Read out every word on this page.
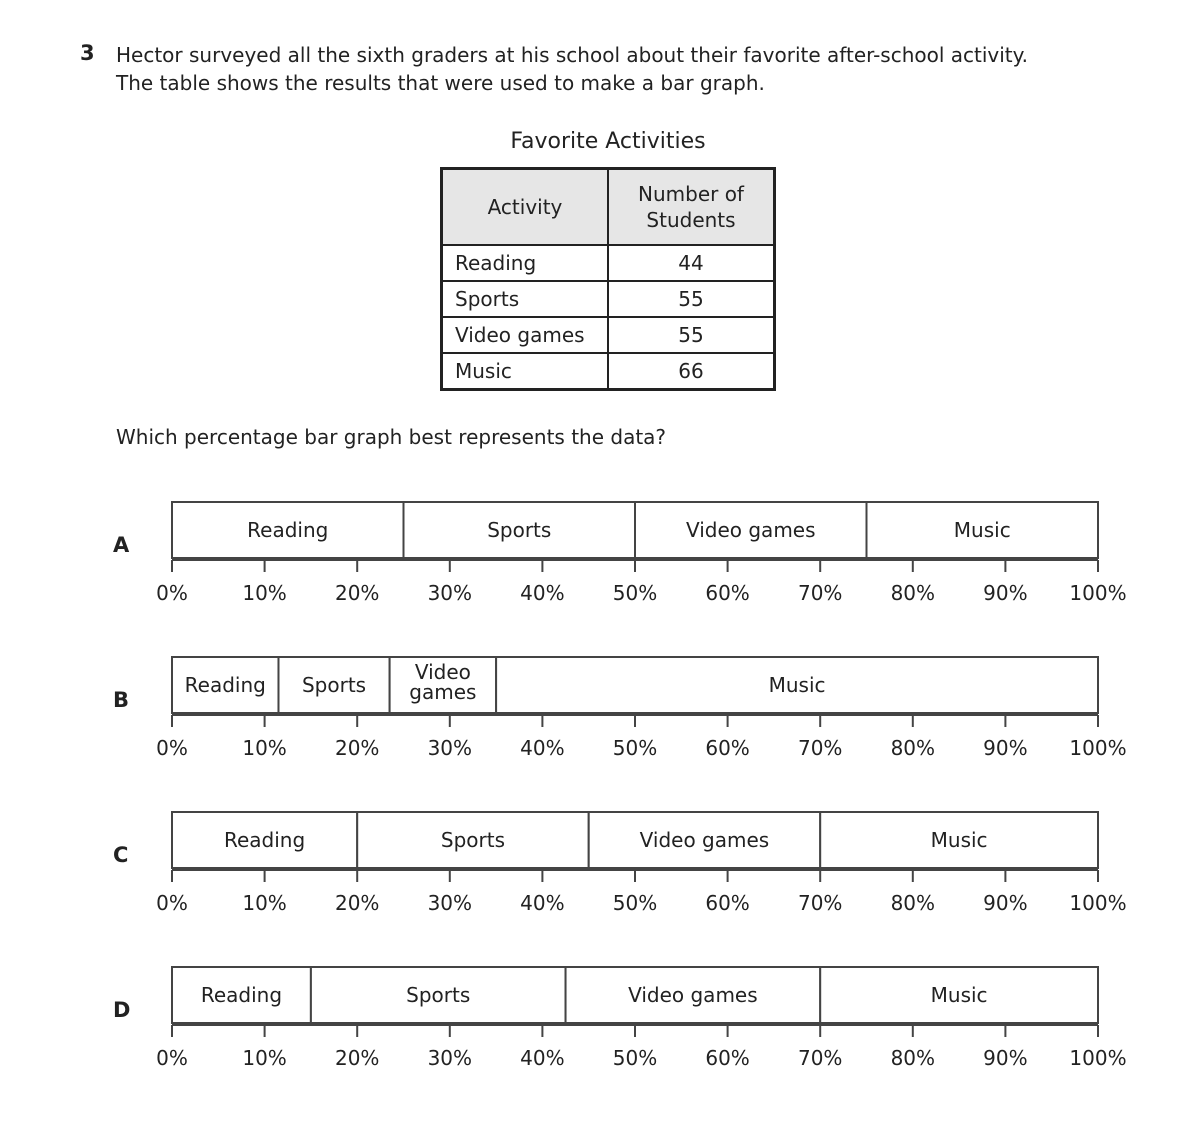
3 Hector surveyed all the sixth graders at his school about their favorite after-school activity.
The table shows the results that were used to make a bar graph.
Favorite Activities
Activity	Number of Students
Reading	44
Sports	55
Video games	55
Music	66
Which percentage bar graph best represents the data?
A
B
C
D
Reading	Sports	Video games	Music
0%	10% 20% 30% 40% 50% 60% 70% 80% 90% 100%
Reading Sports
Video
games	Music
0%	10% 20% 30% 40% 50% 60% 70% 80% 90% 100%
Reading	Sports	Video games	Music
0%	10% 20% 30% 40% 50% 60% 70% 80% 90% 100%
Reading	Sports	Video games	Music
0%	10% 20% 30% 40% 50% 60% 70% 80% 90% 100%
